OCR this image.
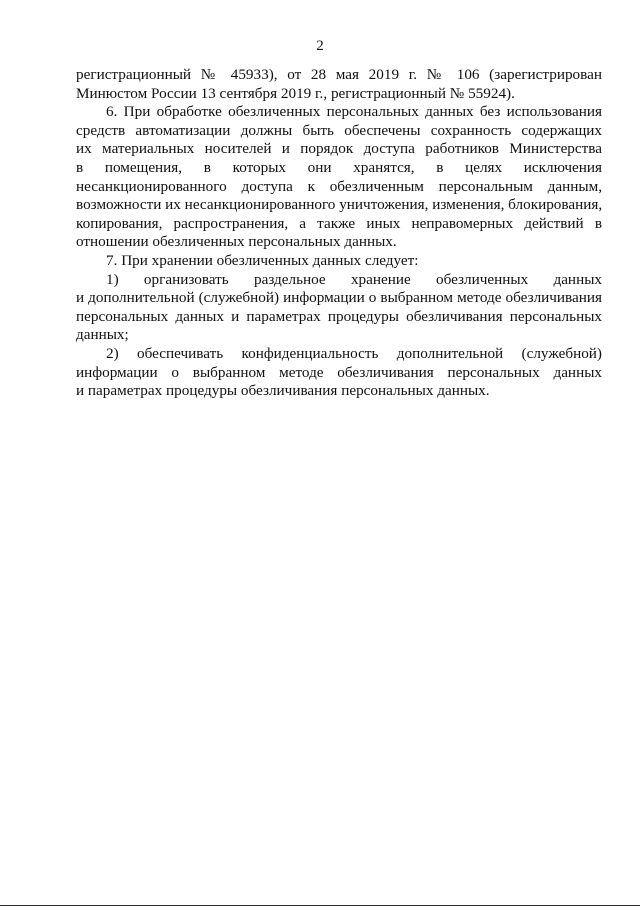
2
регистрационный № 45933), от 28 мая 2019 г. № 106 (зарегистрирован
Минюстом России 13 сентября 2019 г., регистрационный № 55924).
6. При обработке обезличенных персональных данных без использования
средств автоматизации должны быть обеспечены сохранность содержащих
их материальных носителей и порядок доступа работников Министерства
в помещения, в которых они хранятся, в целях исключения
несанкционированного доступа к обезличенным персональным данным,
возможности их несанкционированного уничтожения, изменения, блокирования,
копирования, распространения, а также иных неправомерных действий в
отношении обезличенных персональных данных.
7. При хранении обезличенных данных следует:
1) организовать раздельное хранение обезличенных данных
и дополнительной (служебной) информации о выбранном методе обезличивания
персональных данных и параметрах процедуры обезличивания персональных
данных;
2) обеспечивать конфиденциальность дополнительной (служебной)
информации о выбранном методе обезличивания персональных данных
и параметрах процедуры обезличивания персональных данных.
